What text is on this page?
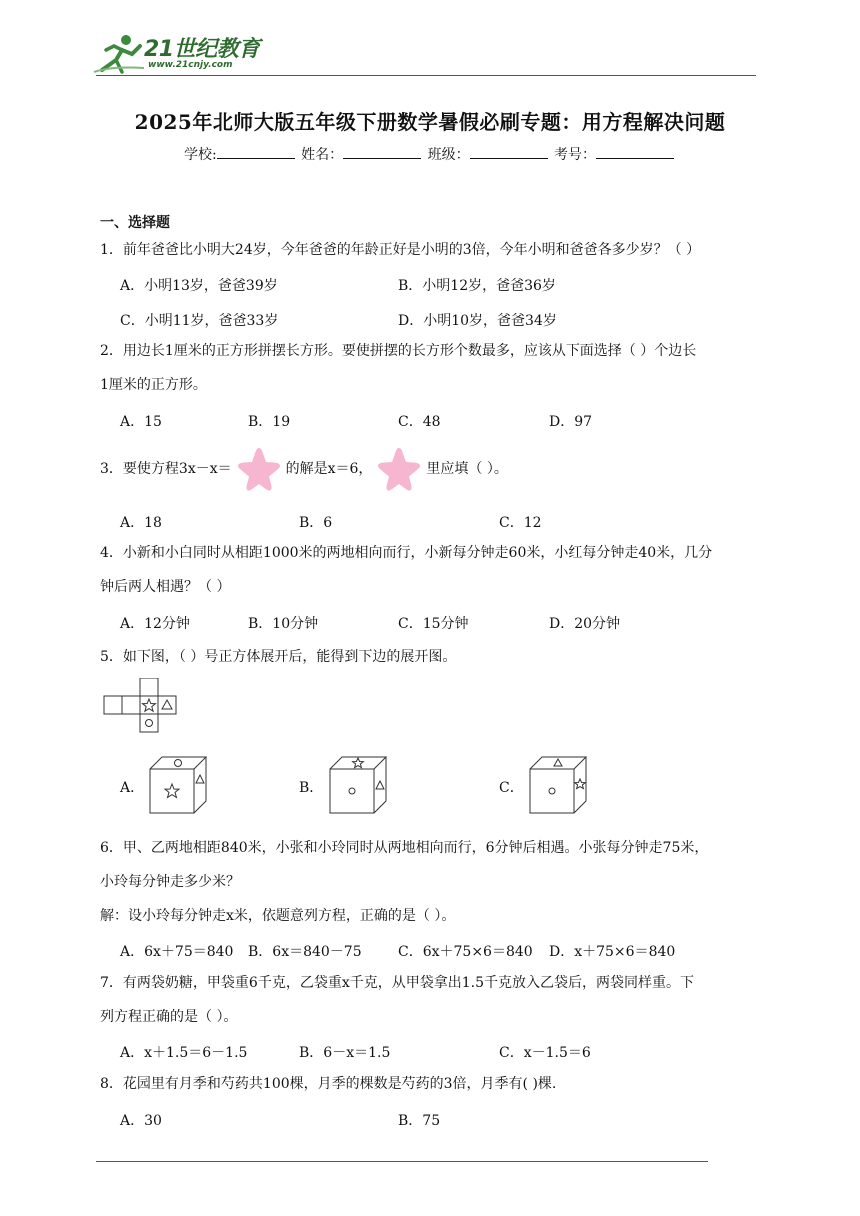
21世纪教育
www.21cnjy.com
2025年北师大版五年级下册数学暑假必刷专题：用方程解决问题
学校:	姓名：	班级：	考号：
一、选择题
1．前年爸爸比小明大24岁，今年爸爸的年龄正好是小明的3倍，今年小明和爸爸各多少岁？（ ）
A．小明13岁，爸爸39岁	B．小明12岁，爸爸36岁
C．小明11岁，爸爸33岁	D．小明10岁，爸爸34岁
2．用边长1厘米的正方形拼摆长方形。要使拼摆的长方形个数最多，应该从下面选择（ ）个边长
1厘米的正方形。
A．15	B．19	C．48	D．97
3．要使方程3x－x＝	的解是x＝6，	里应填（ ）。
A．18	B．6	C．12
4．小新和小白同时从相距1000米的两地相向而行，小新每分钟走60米，小红每分钟走40米，几分
钟后两人相遇？（ ）
A．12分钟	B．10分钟	C．15分钟	D．20分钟
5．如下图，（ ）号正方体展开后，能得到下边的展开图。
A．	B．	C．
6．甲、乙两地相距840米，小张和小玲同时从两地相向而行，6分钟后相遇。小张每分钟走75米，
小玲每分钟走多少米？
解：设小玲每分钟走x米，依题意列方程，正确的是（ ）。
A．6x＋75＝840 B．6x＝840－75	C．6x＋75×6＝840 D．x＋75×6＝840
7．有两袋奶糖，甲袋重6千克，乙袋重x千克，从甲袋拿出1.5千克放入乙袋后，两袋同样重。下
列方程正确的是（ ）。
A．x＋1.5＝6－1.5	B．6－x＝1.5	C．x－1.5＝6
8．花园里有月季和芍药共100棵，月季的棵数是芍药的3倍，月季有( )棵.
A．30	B．75
